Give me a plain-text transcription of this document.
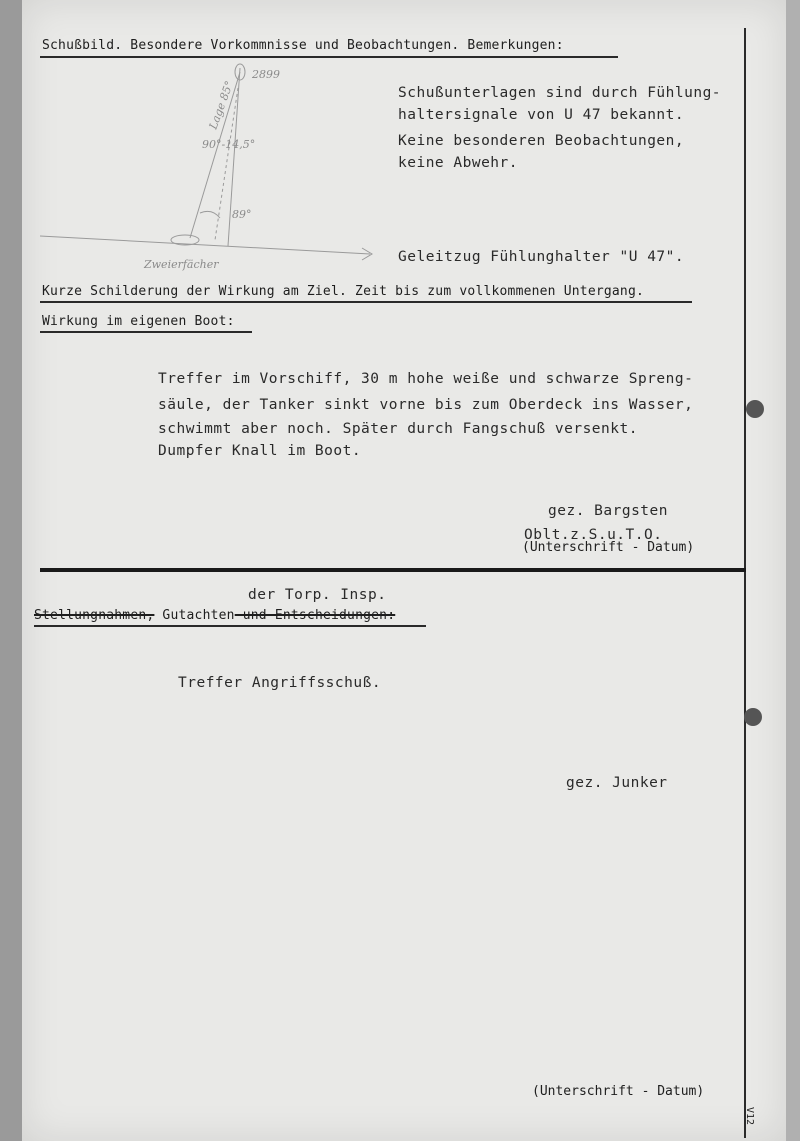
Schußbild. Besondere Vorkommnisse und Beobachtungen. Bemerkungen:
2899
Lage 85°
90°-14,5°
89°
Zweierfächer
Schußunterlagen sind durch Fühlung-
haltersignale von U 47 bekannt.
Keine besonderen Beobachtungen,
keine Abwehr.
Geleitzug Fühlunghalter "U 47".
Kurze Schilderung der Wirkung am Ziel. Zeit bis zum vollkommenen Untergang.
Wirkung im eigenen Boot:
Treffer im Vorschiff, 30 m hohe weiße und schwarze Spreng-
säule, der Tanker sinkt vorne bis zum Oberdeck ins Wasser,
schwimmt aber noch. Später durch Fangschuß versenkt.
Dumpfer Knall im Boot.
gez. Bargsten
Oblt.z.S.u.T.O.
(Unterschrift - Datum)
der Torp. Insp.
Stellungnahmen, Gutachten und Entscheidungen:
Treffer Angriffsschuß.
gez. Junker
(Unterschrift - Datum)
V12
